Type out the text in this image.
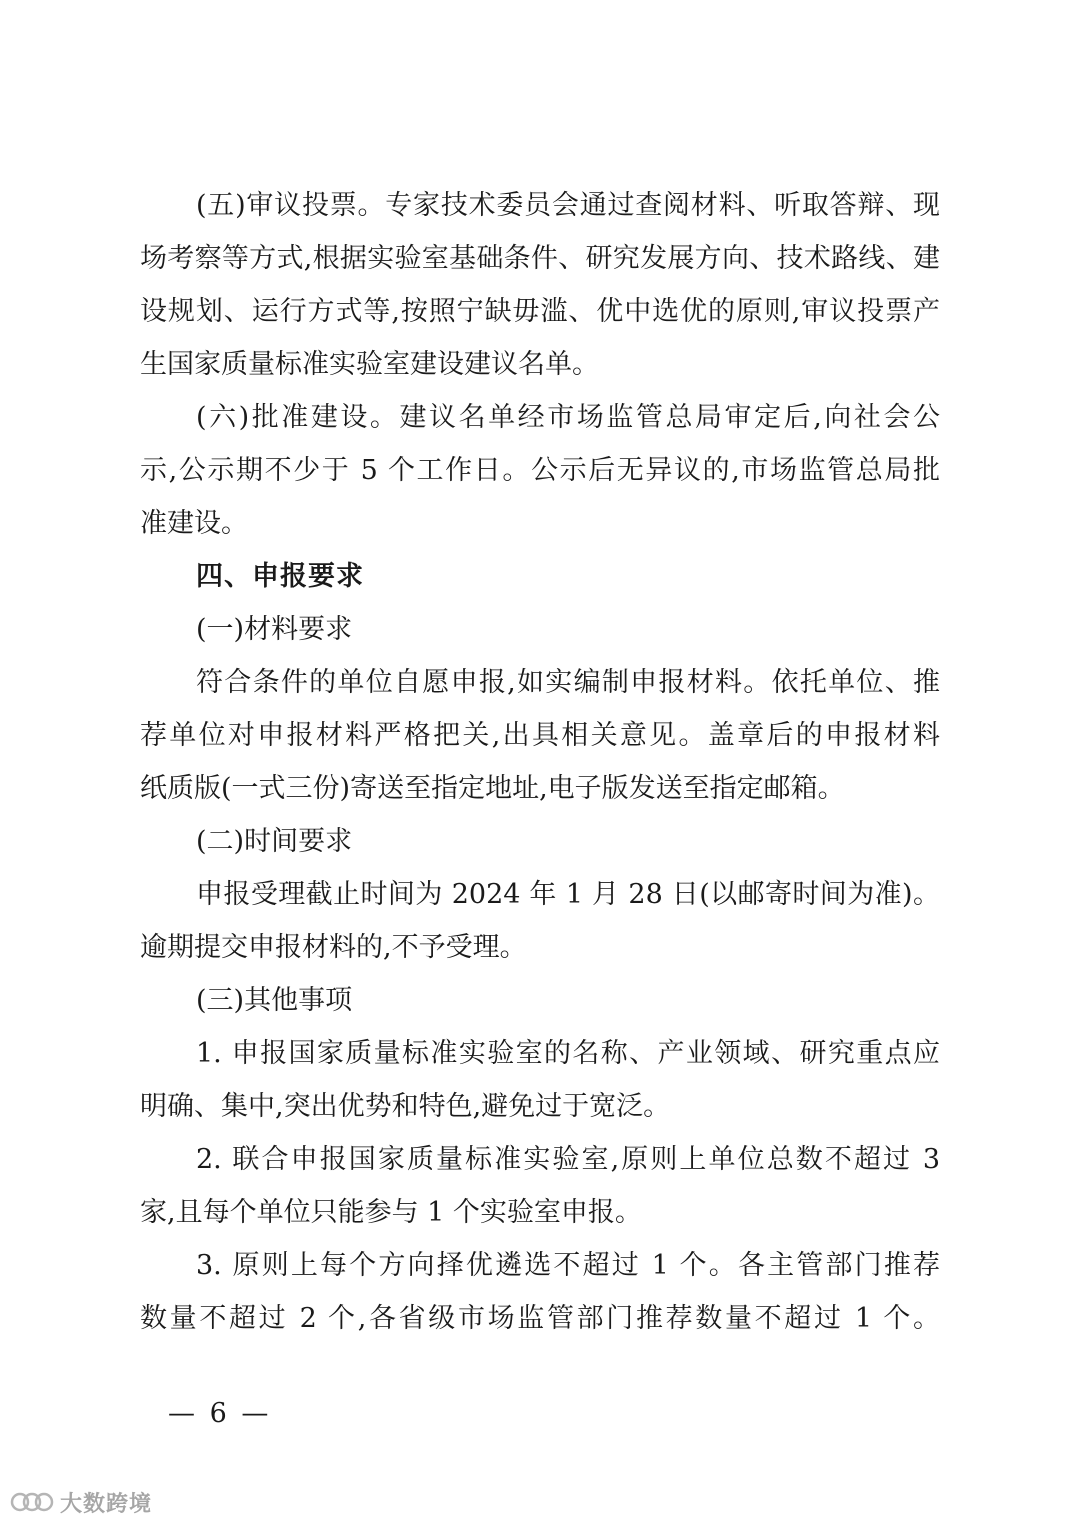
(五)审议投票。专家技术委员会通过查阅材料、听取答辩、现
场考察等方式,根据实验室基础条件、研究发展方向、技术路线、建
设规划、运行方式等,按照宁缺毋滥、优中选优的原则,审议投票产
生国家质量标准实验室建设建议名单。
(六)批准建设。建议名单经市场监管总局审定后,向社会公
示,公示期不少于 5 个工作日。公示后无异议的,市场监管总局批
准建设。
四、申报要求
(一)材料要求
符合条件的单位自愿申报,如实编制申报材料。依托单位、推
荐单位对申报材料严格把关,出具相关意见。盖章后的申报材料
纸质版(一式三份)寄送至指定地址,电子版发送至指定邮箱。
(二)时间要求
申报受理截止时间为 2024 年 1 月 28 日(以邮寄时间为准)。
逾期提交申报材料的,不予受理。
(三)其他事项
1. 申报国家质量标准实验室的名称、产业领域、研究重点应
明确、集中,突出优势和特色,避免过于宽泛。
2. 联合申报国家质量标准实验室,原则上单位总数不超过 3
家,且每个单位只能参与 1 个实验室申报。
3. 原则上每个方向择优遴选不超过 1 个。各主管部门推荐
数量不超过 2 个,各省级市场监管部门推荐数量不超过 1 个。
— 6 —
大数跨境
